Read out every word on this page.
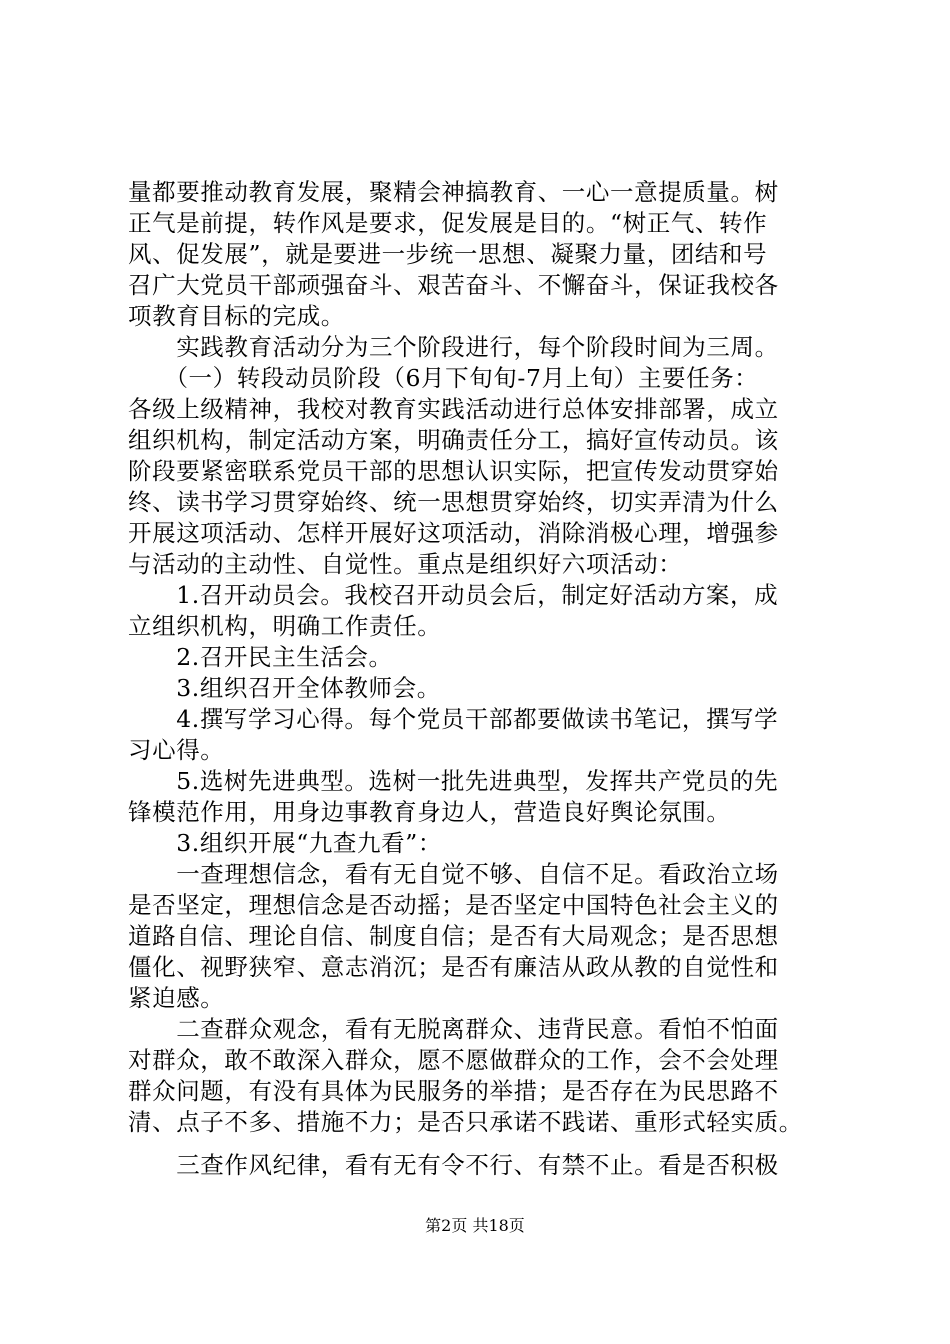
量都要推动教育发展，聚精会神搞教育、一心一意提质量。树
正气是前提，转作风是要求，促发展是目的。“树正气、转作
风、促发展”，就是要进一步统一思想、凝聚力量，团结和号
召广大党员干部顽强奋斗、艰苦奋斗、不懈奋斗，保证我校各
项教育目标的完成。
　　实践教育活动分为三个阶段进行，每个阶段时间为三周。
　　（一）转段动员阶段（6月下旬旬-7月上旬）主要任务：
各级上级精神，我校对教育实践活动进行总体安排部署，成立
组织机构，制定活动方案，明确责任分工，搞好宣传动员。该
阶段要紧密联系党员干部的思想认识实际，把宣传发动贯穿始
终、读书学习贯穿始终、统一思想贯穿始终，切实弄清为什么
开展这项活动、怎样开展好这项活动，消除消极心理，增强参
与活动的主动性、自觉性。重点是组织好六项活动：
　　1.召开动员会。我校召开动员会后，制定好活动方案，成
立组织机构，明确工作责任。
　　2.召开民主生活会。
　　3.组织召开全体教师会。
　　4.撰写学习心得。每个党员干部都要做读书笔记，撰写学
习心得。
　　5.选树先进典型。选树一批先进典型，发挥共产党员的先
锋模范作用，用身边事教育身边人，营造良好舆论氛围。
　　3.组织开展“九查九看”：
　　一查理想信念，看有无自觉不够、自信不足。看政治立场
是否坚定，理想信念是否动摇；是否坚定中国特色社会主义的
道路自信、理论自信、制度自信；是否有大局观念；是否思想
僵化、视野狭窄、意志消沉；是否有廉洁从政从教的自觉性和
紧迫感。
　　二查群众观念，看有无脱离群众、违背民意。看怕不怕面
对群众，敢不敢深入群众，愿不愿做群众的工作，会不会处理
群众问题，有没有具体为民服务的举措；是否存在为民思路不
清、点子不多、措施不力；是否只承诺不践诺、重形式轻实质。
　　三查作风纪律，看有无有令不行、有禁不止。看是否积极
第2页 共18页
